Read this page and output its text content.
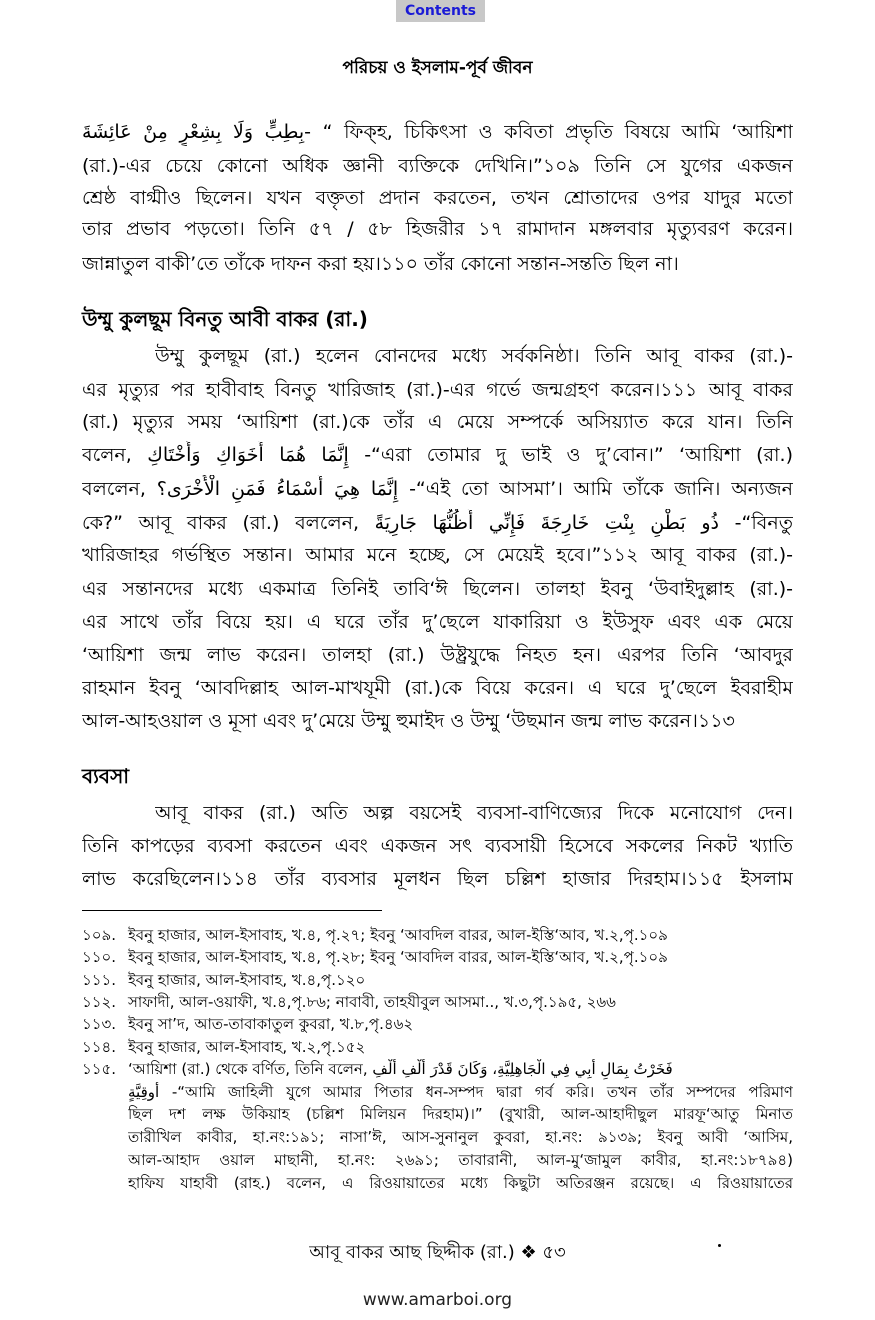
Contents
পরিচয় ও ইসলাম-পূর্ব জীবন
بِطِبٍّ وَلَا بِشِعْرٍ مِنْ عَائِشَةَ- “ ফিক্‌হ, চিকিৎসা ও কবিতা প্রভৃতি বিষয়ে আমি ‘আয়িশা
(রা.)-এর চেয়ে কোনো অধিক জ্ঞানী ব্যক্তিকে দেখিনি।”১০৯ তিনি সে যুগের একজন
শ্রেষ্ঠ বাগ্মীও ছিলেন। যখন বক্তৃতা প্রদান করতেন, তখন শ্রোতাদের ওপর যাদুর মতো
তার প্রভাব পড়তো। তিনি ৫৭ / ৫৮ হিজরীর ১৭ রামাদান মঙ্গলবার মৃত্যুবরণ করেন।
জান্নাতুল বাকী’তে তাঁকে দাফন করা হয়।১১০ তাঁর কোনো সন্তান-সন্ততি ছিল না।
উম্মু কুলছূম বিনতু আবী বাকর (রা.)
উম্মু কুলছূম (রা.) হলেন বোনদের মধ্যে সর্বকনিষ্ঠা। তিনি আবূ বাকর (রা.)-
এর মৃত্যুর পর হাবীবাহ বিনতু খারিজাহ (রা.)-এর গর্ভে জন্মগ্রহণ করেন।১১১ আবূ বাকর
(রা.) মৃত্যুর সময় ‘আয়িশা (রা.)কে তাঁর এ মেয়ে সম্পর্কে অসিয়্যাত করে যান। তিনি
বলেন, إِنَّمَا هُمَا أَخَوَاكِ وَأُخْتَاكِ -“এরা তোমার দু ভাই ও দু’বোন।” ‘আয়িশা (রা.)
বললেন, إِنَّمَا هِيَ أَسْمَاءُ فَمَنِ الْأُخْرَى؟ -“এই তো আসমা’। আমি তাঁকে জানি। অন্যজন
কে?” আবূ বাকর (রা.) বললেন, ذُو بَطْنِ بِنْتِ خَارِجَةَ فَإِنِّي أَظُنُّهَا جَارِيَةً -“বিনতু
খারিজাহর গর্ভস্থিত সন্তান। আমার মনে হচ্ছে, সে মেয়েই হবে।”১১২ আবূ বাকর (রা.)-
এর সন্তানদের মধ্যে একমাত্র তিনিই তাবি‘ঈ ছিলেন। তালহা ইবনু ‘উবাইদুল্লাহ (রা.)-
এর সাথে তাঁর বিয়ে হয়। এ ঘরে তাঁর দু’ছেলে যাকারিয়া ও ইউসুফ এবং এক মেয়ে
‘আয়িশা জন্ম লাভ করেন। তালহা (রা.) উষ্ট্রযুদ্ধে নিহত হন। এরপর তিনি ‘আবদুর
রাহমান ইবনু ‘আবদিল্লাহ আল-মাখযূমী (রা.)কে বিয়ে করেন। এ ঘরে দু’ছেলে ইবরাহীম
আল-আহওয়াল ও মূসা এবং দু’মেয়ে উম্মু হুমাইদ ও উম্মু ‘উছমান জন্ম লাভ করেন।১১৩
ব্যবসা
আবূ বাকর (রা.) অতি অল্প বয়সেই ব্যবসা-বাণিজ্যের দিকে মনোযোগ দেন।
তিনি কাপড়ের ব্যবসা করতেন এবং একজন সৎ ব্যবসায়ী হিসেবে সকলের নিকট খ্যাতি
লাভ করেছিলেন।১১৪ তাঁর ব্যবসার মূলধন ছিল চল্লিশ হাজার দিরহাম।১১৫ ইসলাম
১০৯. ইবনু হাজার, আল-ইসাবাহ, খ.৪, পৃ.২৭; ইবনু ‘আবদিল বারর, আল-ইস্তি‘আব, খ.২,পৃ.১০৯
১১০. ইবনু হাজার, আল-ইসাবাহ, খ.৪, পৃ.২৮; ইবনু ‘আবদিল বারর, আল-ইস্তি‘আব, খ.২,পৃ.১০৯
১১১. ইবনু হাজার, আল-ইসাবাহ, খ.৪,পৃ.১২০
১১২. সাফাদী, আল-ওয়াফী, খ.৪,পৃ.৮৬; নাবাবী, তাহযীবুল আসমা.., খ.৩,পৃ.১৯৫, ২৬৬
১১৩. ইবনু সা’দ, আত-তাবাকাতুল কুবরা, খ.৮,পৃ.৪৬২
১১৪. ইবনু হাজার, আল-ইসাবাহ, খ.২,পৃ.১৫২
১১৫. ‘আয়িশা (রা.) থেকে বর্ণিত, তিনি বলেন, فَخَرْتُ بِمَالِ أَبِي فِي الْجَاهِلِيَّةِ، وَكَانَ قَدْرَ أَلْفِ أَلْفِ
أُوقِيَّةٍ -“আমি জাহিলী যুগে আমার পিতার ধন-সম্পদ দ্বারা গর্ব করি। তখন তাঁর সম্পদের পরিমাণ
ছিল দশ লক্ষ উকিয়াহ (চল্লিশ মিলিয়ন দিরহাম)।” (বুখারী, আল-আহাদীছুল মারফূ‘আতু মিনাত
তারীখিল কাবীর, হা.নং:১৯১; নাসা’ঈ, আস-সুনানুল কুবরা, হা.নং: ৯১৩৯; ইবনু আবী ‘আসিম,
আল-আহাদ ওয়াল মাছানী, হা.নং: ২৬৯১; তাবারানী, আল-মু‘জামুল কাবীর, হা.নং:১৮৭৯৪)
হাফিয যাহাবী (রাহ.) বলেন, এ রিওয়ায়াতের মধ্যে কিছুটা অতিরঞ্জন রয়েছে। এ রিওয়ায়াতের
আবূ বাকর আছ ছিদ্দীক (রা.) ❖ ৫৩
www.amarboi.org
